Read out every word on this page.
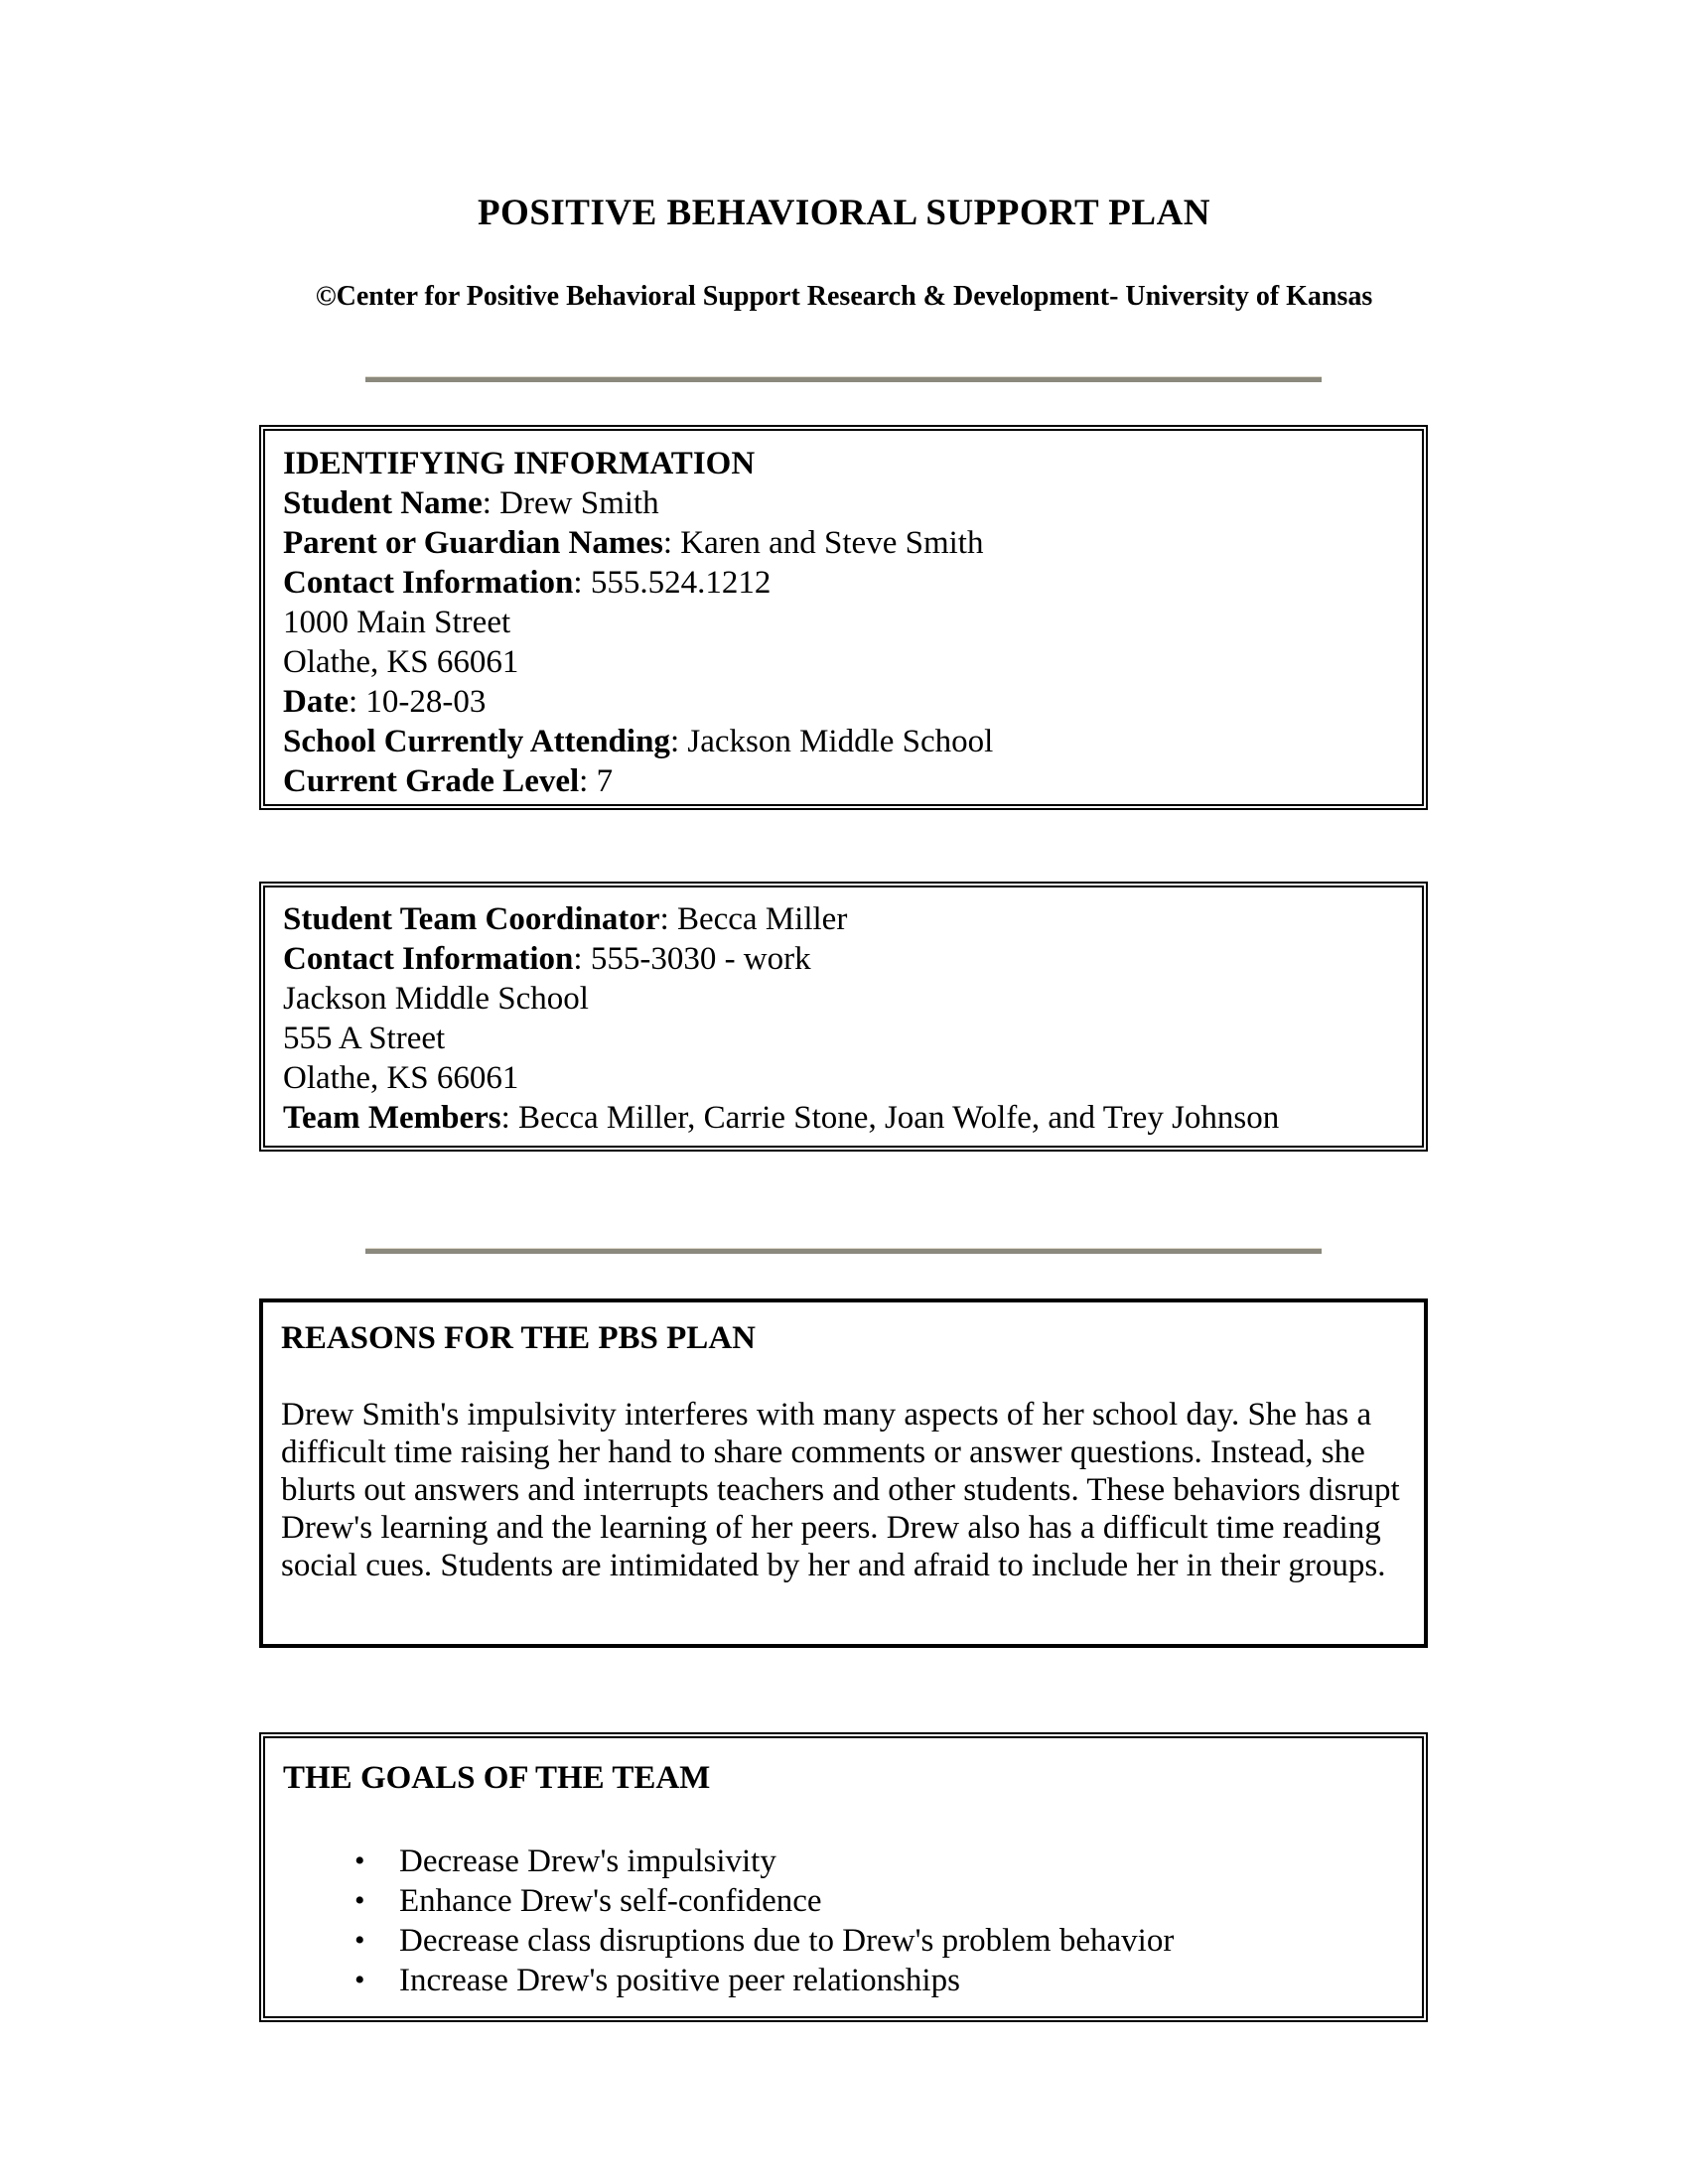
POSITIVE BEHAVIORAL SUPPORT PLAN
©Center for Positive Behavioral Support Research & Development- University of Kansas
IDENTIFYING INFORMATION
Student Name: Drew Smith
Parent or Guardian Names: Karen and Steve Smith
Contact Information: 555.524.1212
1000 Main Street
Olathe, KS 66061
Date: 10-28-03
School Currently Attending: Jackson Middle School
Current Grade Level: 7
Student Team Coordinator: Becca Miller
Contact Information: 555-3030 - work
Jackson Middle School
555 A Street
Olathe, KS 66061
Team Members: Becca Miller, Carrie Stone, Joan Wolfe, and Trey Johnson
REASONS FOR THE PBS PLAN
Drew Smith's impulsivity interferes with many aspects of her school day. She has a difficult time raising her hand to share comments or answer questions. Instead, she blurts out answers and interrupts teachers and other students. These behaviors disrupt Drew's learning and the learning of her peers. Drew also has a difficult time reading social cues. Students are intimidated by her and afraid to include her in their groups.
THE GOALS OF THE TEAM
• Decrease Drew's impulsivity
• Enhance Drew's self-confidence
• Decrease class disruptions due to Drew's problem behavior
• Increase Drew's positive peer relationships
